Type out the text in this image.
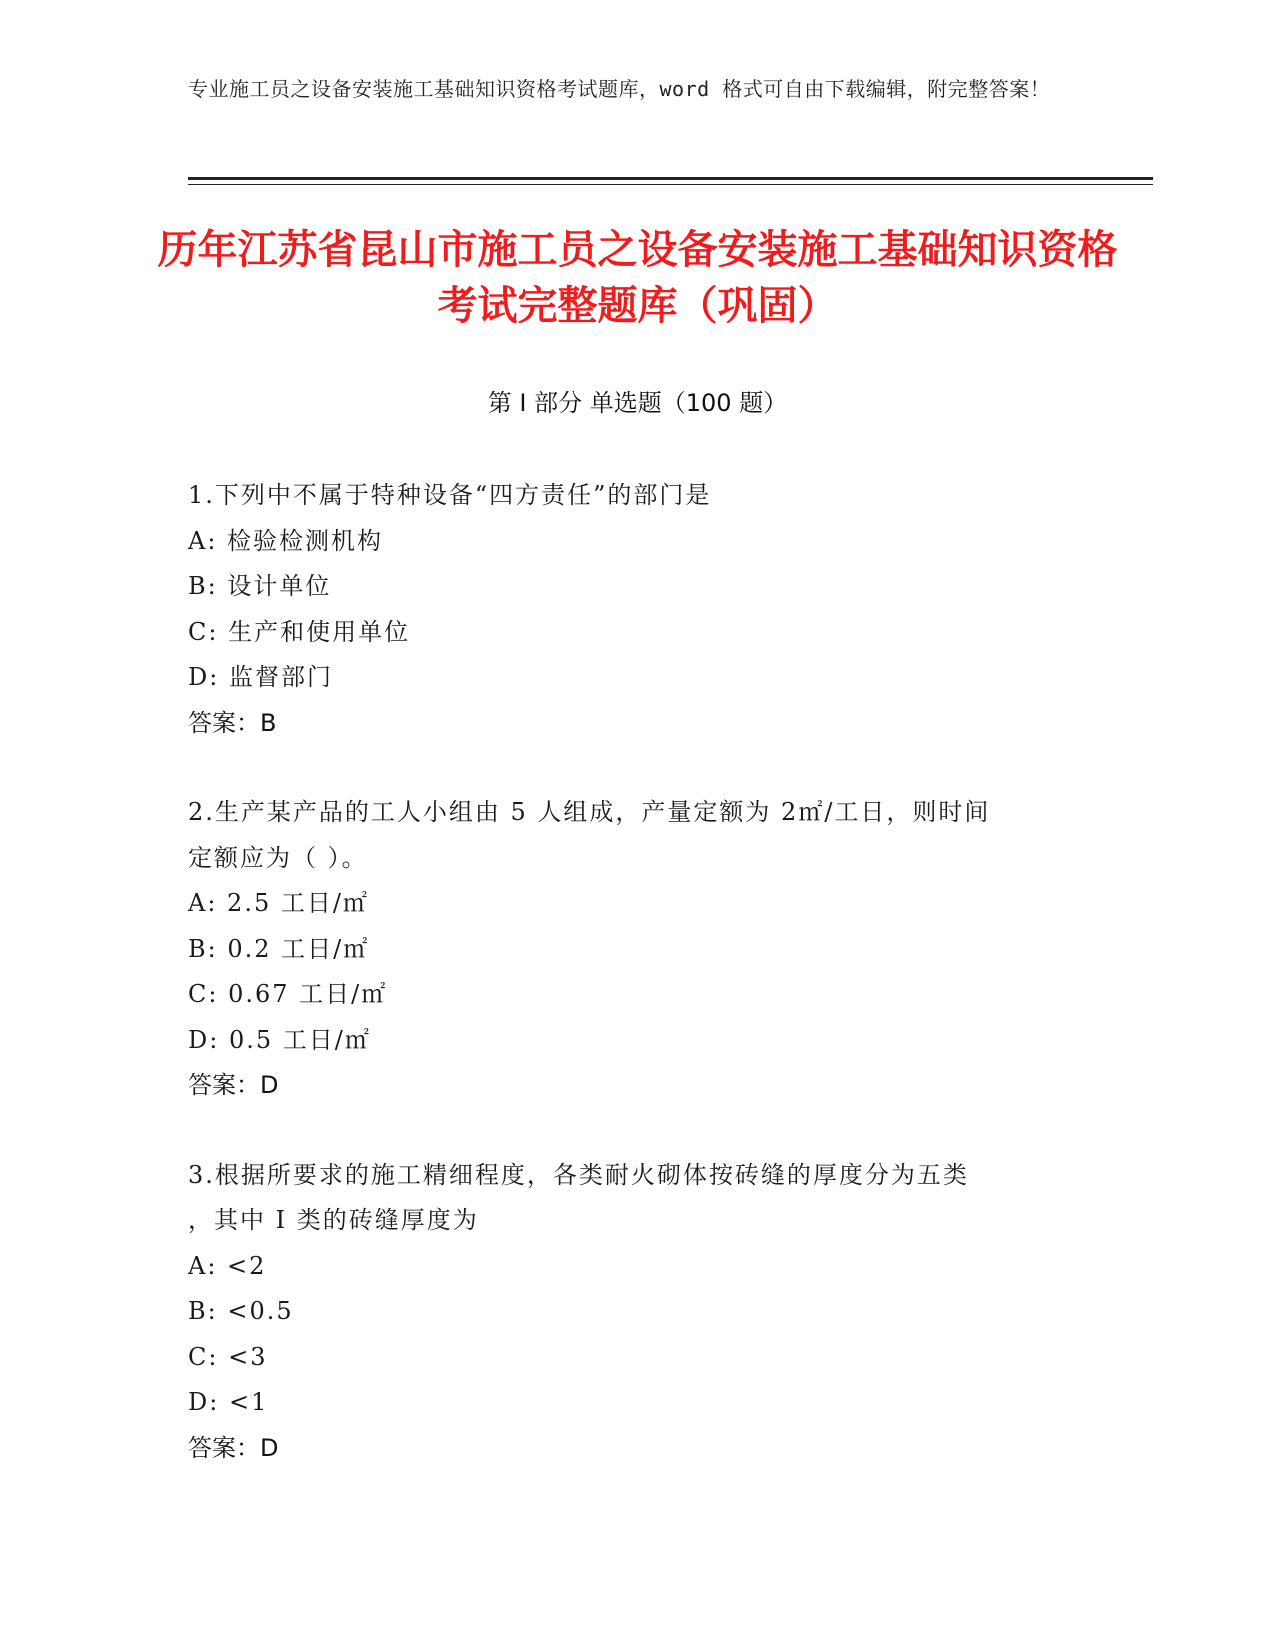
专业施工员之设备安装施工基础知识资格考试题库，word 格式可自由下载编辑，附完整答案！
历年江苏省昆山市施工员之设备安装施工基础知识资格考试完整题库（巩固）
第 I 部分 单选题（100 题）
1.下列中不属于特种设备“四方责任”的部门是
A: 检验检测机构
B: 设计单位
C: 生产和使用单位
D: 监督部门
答案：B
2.生产某产品的工人小组由 5 人组成，产量定额为 2㎡/工日，则时间
定额应为（ ）。
A: 2.5 工日/㎡
B: 0.2 工日/㎡
C: 0.67 工日/㎡
D: 0.5 工日/㎡
答案：D
3.根据所要求的施工精细程度，各类耐火砌体按砖缝的厚度分为五类
，其中 I 类的砖缝厚度为
A: <2
B: <0.5
C: <3
D: <1
答案：D
